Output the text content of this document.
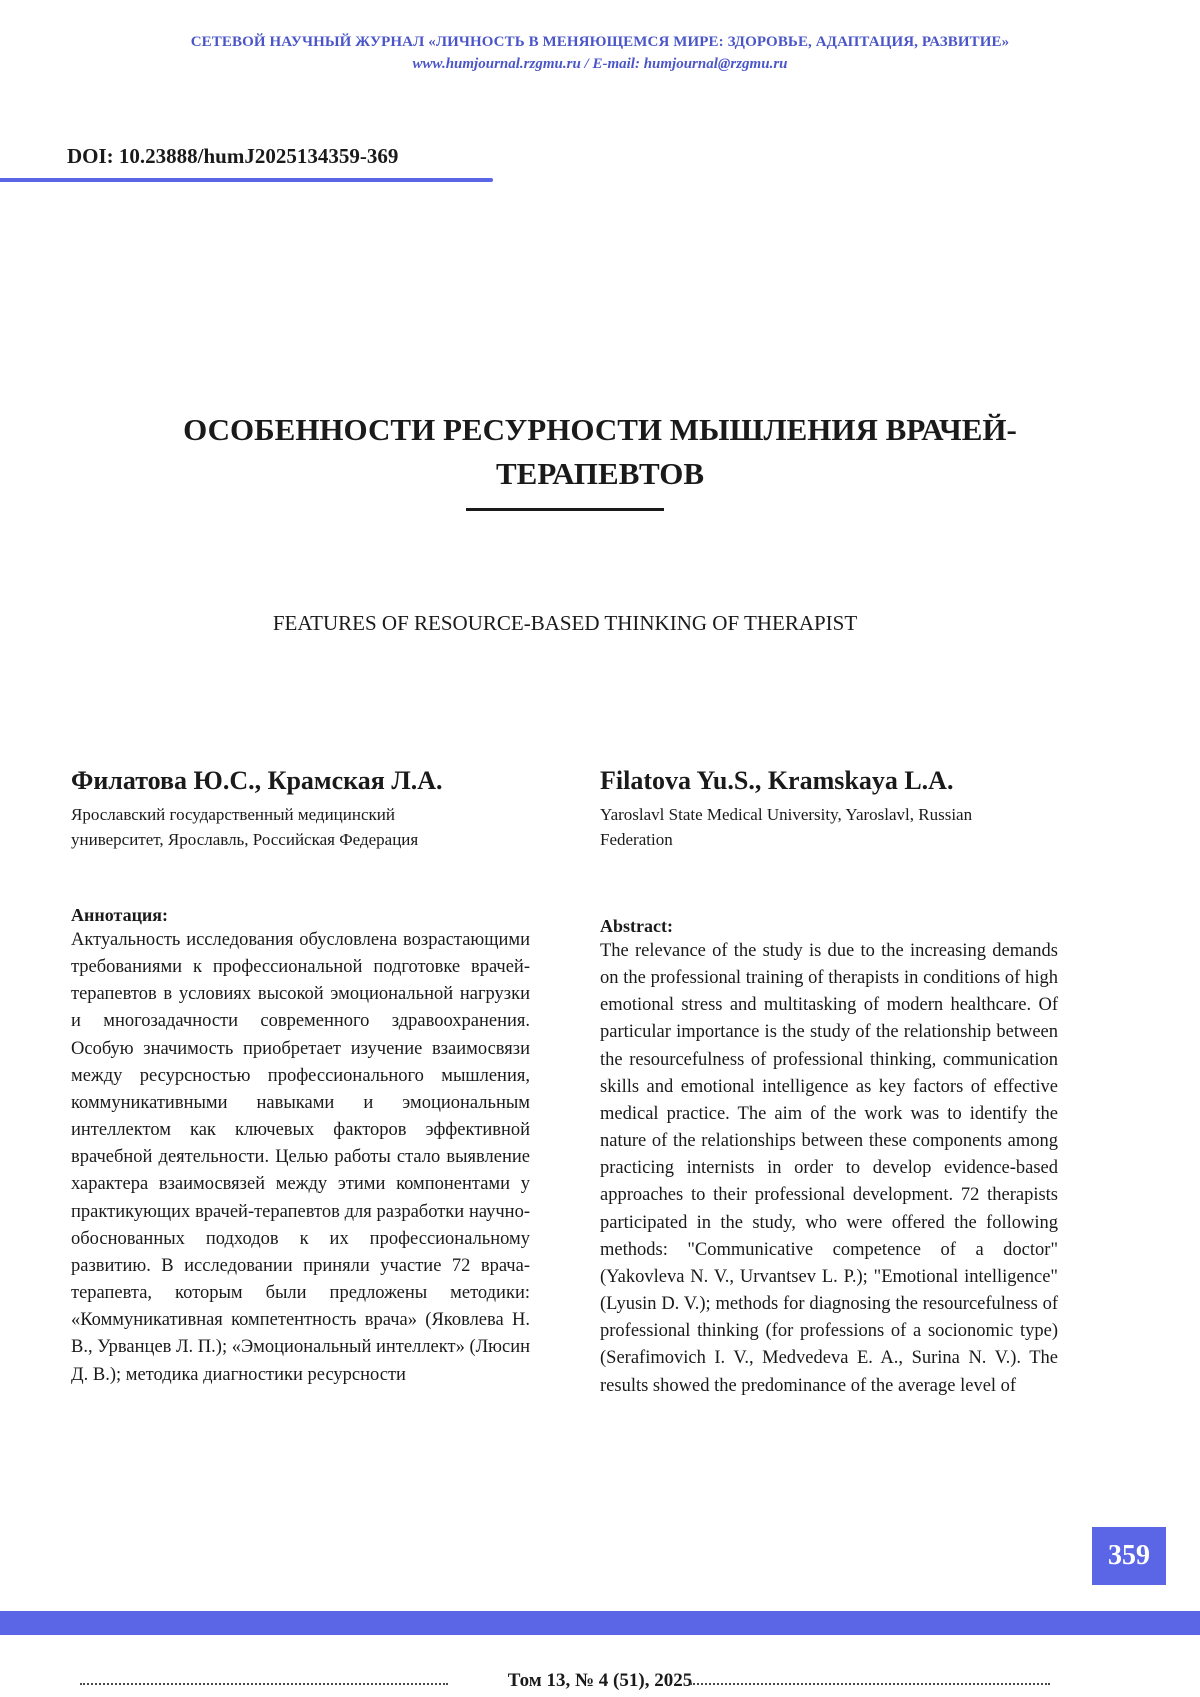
СЕТЕВОЙ НАУЧНЫЙ ЖУРНАЛ «ЛИЧНОСТЬ В МЕНЯЮЩЕМСЯ МИРЕ: ЗДОРОВЬЕ, АДАПТАЦИЯ, РАЗВИТИЕ»
www.humjournal.rzgmu.ru / E-mail: humjournal@rzgmu.ru
DOI: 10.23888/humJ2025134359-369
ОСОБЕННОСТИ РЕСУРНОСТИ МЫШЛЕНИЯ ВРАЧЕЙ-
ТЕРАПЕВТОВ
FEATURES OF RESOURCE-BASED THINKING OF THERAPIST
Филатова Ю.С., Крамская Л.А.
Ярославский государственный медицинский
университет, Ярославль, Российская Федерация
Аннотация:
Актуальность исследования обусловлена возрастающими требованиями к профессиональной подготовке врачей-терапевтов в условиях высокой эмоциональной нагрузки и многозадачности современного здравоохранения. Особую значимость приобретает изучение взаимосвязи между ресурсностью профессионального мышления, коммуникативными навыками и эмоциональным интеллектом как ключевых факторов эффективной врачебной деятельности. Целью работы стало выявление характера взаимосвязей между этими компонентами у практикующих врачей-терапевтов для разработки научно-обоснованных подходов к их профессиональному развитию. В исследовании приняли участие 72 врача-терапевта, которым были предложены методики: «Коммуникативная компетентность врача» (Яковлева Н. В., Урванцев Л. П.); «Эмоциональный интеллект» (Люсин Д. В.); методика диагностики ресурсности
Filatova Yu.S., Kramskaya L.A.
Yaroslavl State Medical University, Yaroslavl, Russian
Federation
Abstract:
The relevance of the study is due to the increasing demands on the professional training of therapists in conditions of high emotional stress and multitasking of modern healthcare. Of particular importance is the study of the relationship between the resourcefulness of professional thinking, communication skills and emotional intelligence as key factors of effective medical practice. The aim of the work was to identify the nature of the relationships between these components among practicing internists in order to develop evidence-based approaches to their professional development. 72 therapists participated in the study, who were offered the following methods: "Communicative competence of a doctor" (Yakovleva N. V., Urvantsev L. P.); "Emotional intelligence" (Lyusin D. V.); methods for diagnosing the resourcefulness of professional thinking (for professions of a socionomic type) (Serafimovich I. V., Medvedeva E. A., Surina N. V.). The results showed the predominance of the average level of
359
Том 13, № 4 (51), 2025
